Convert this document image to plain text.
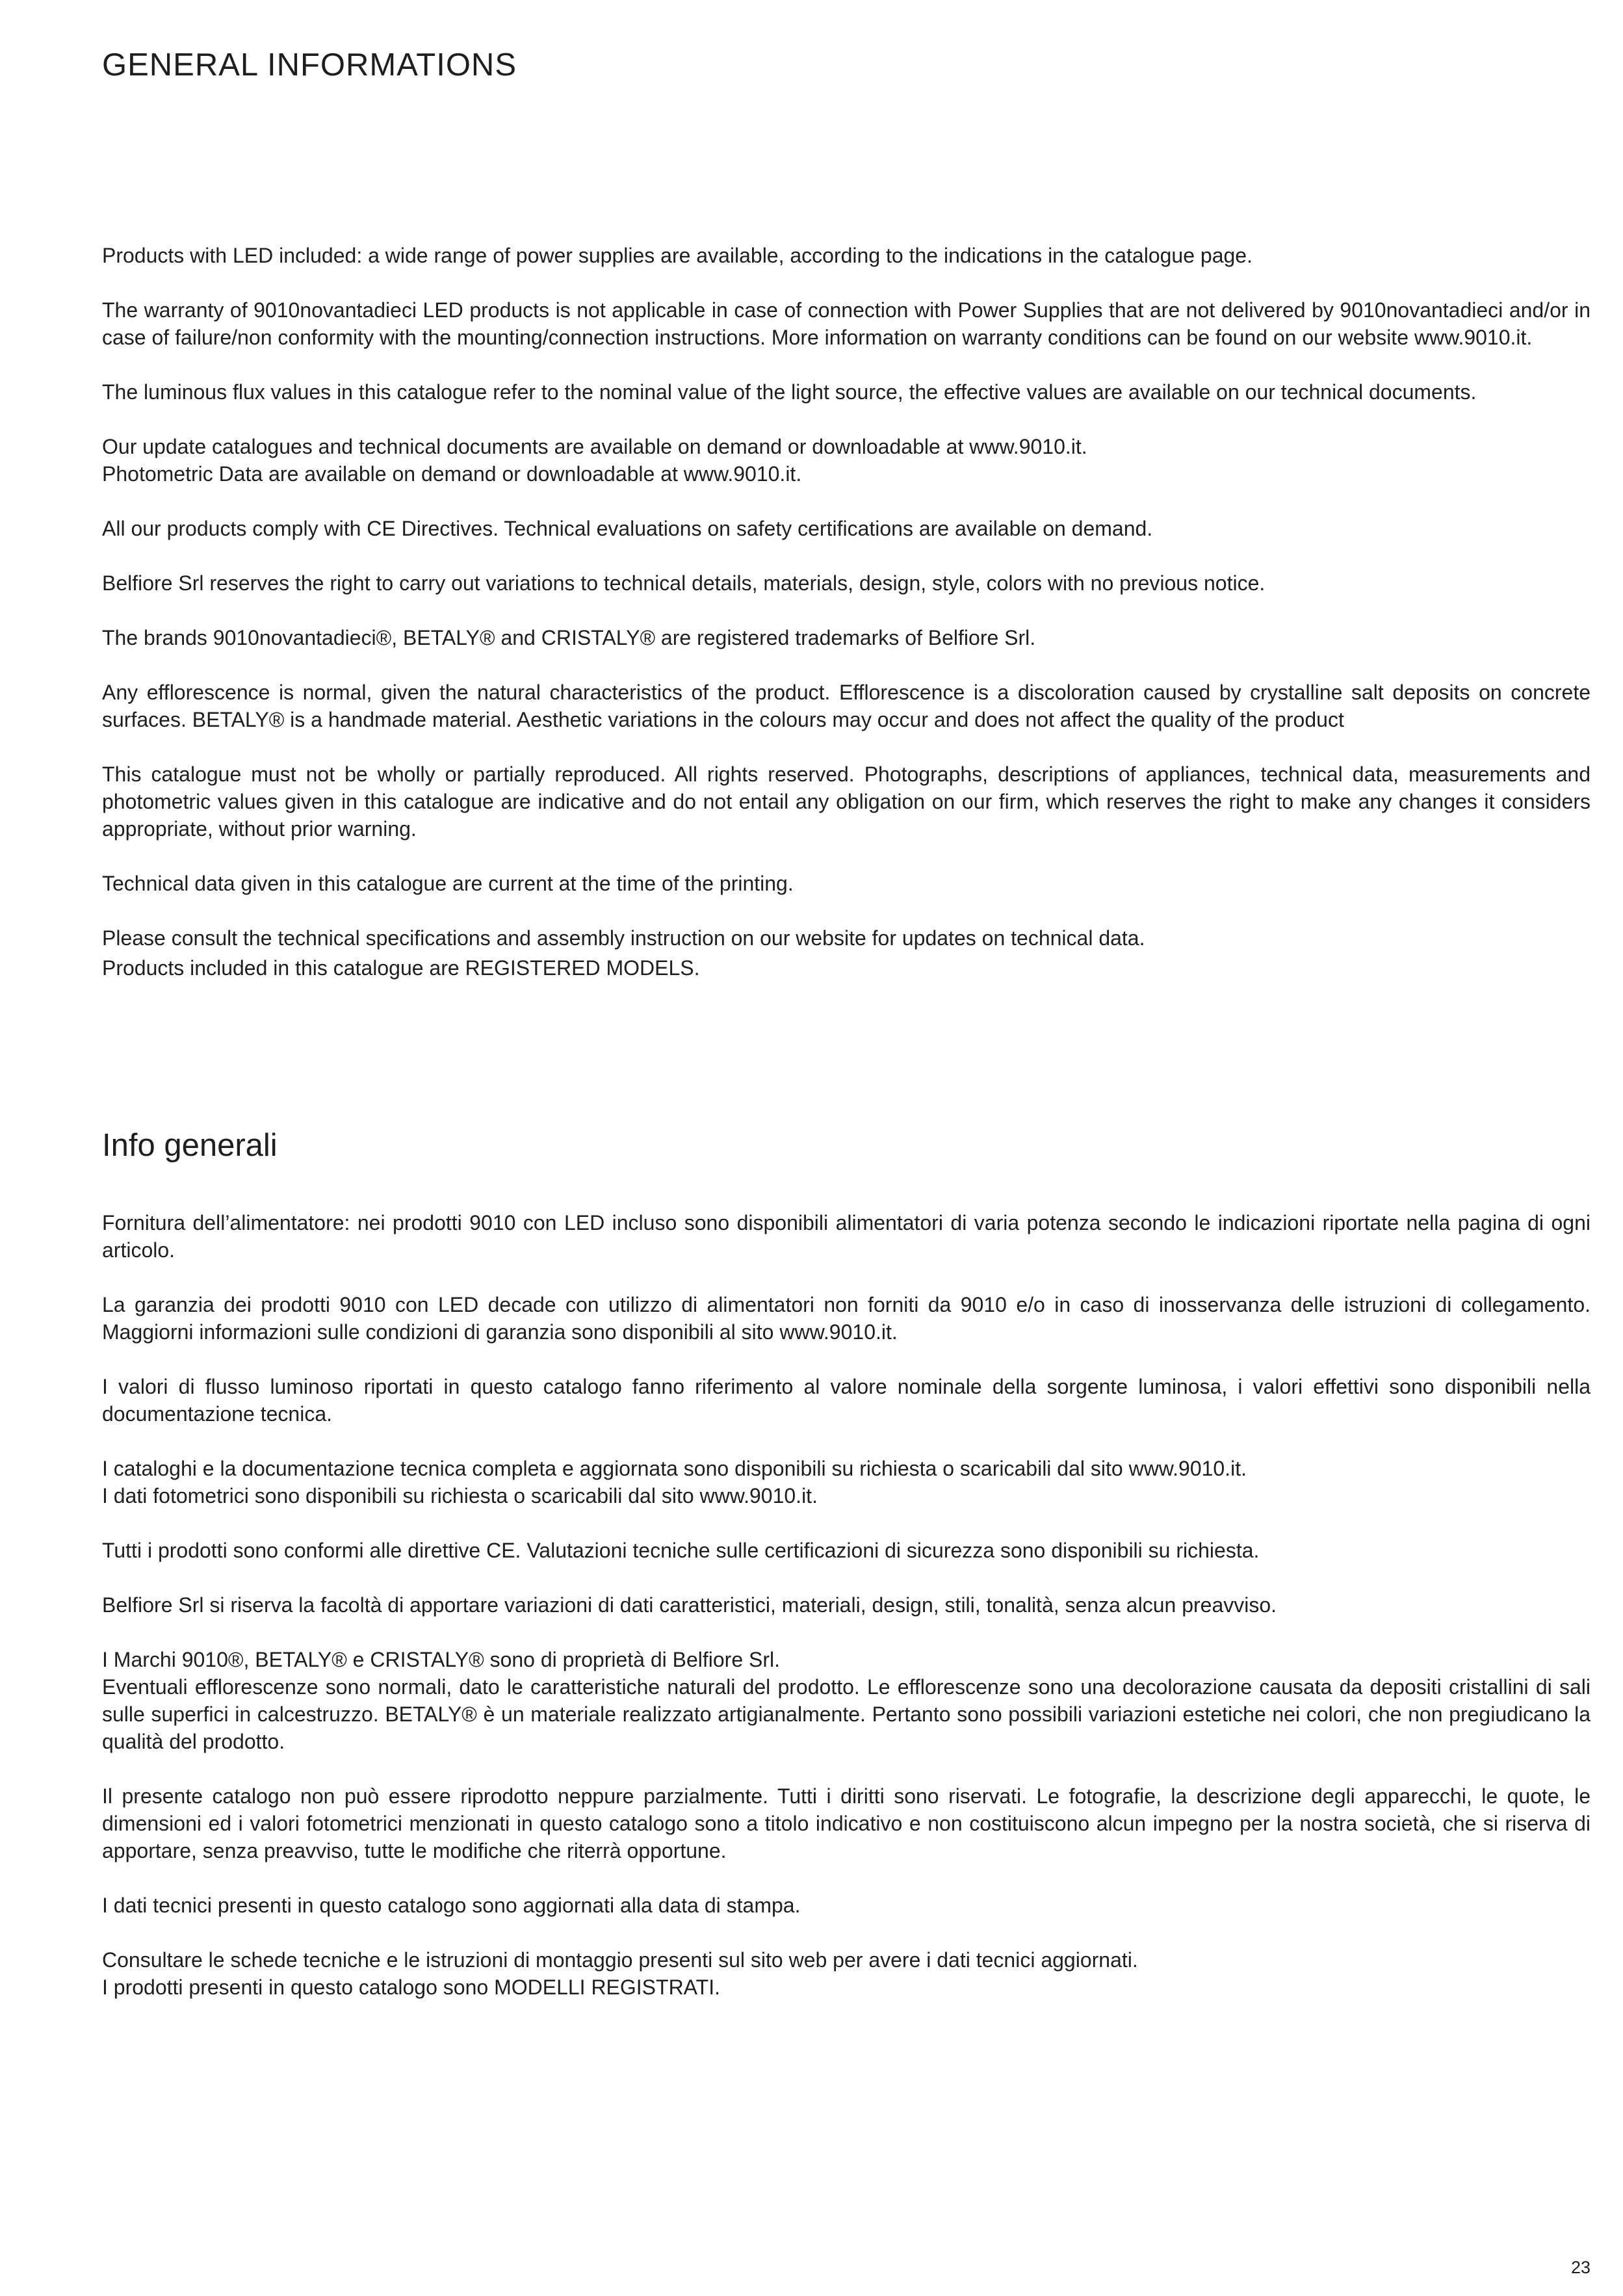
GENERAL INFORMATIONS

Products with LED included: a wide range of power supplies are available, according to the indications in the catalogue page.

The warranty of 9010novantadieci LED products is not applicable in case of connection with Power Supplies that are not delivered by 9010novantadieci and/or in case of failure/non conformity with the mounting/connection instructions. More information on warranty conditions can be found on our website www.9010.it.

The luminous flux values in this catalogue refer to the nominal value of the light source, the effective values are available on our technical documents.

Our update catalogues and technical documents are available on demand or downloadable at www.9010.it.
Photometric Data are available on demand or downloadable at www.9010.it.

All our products comply with CE Directives. Technical evaluations on safety certifications are available on demand.

Belfiore Srl reserves the right to carry out variations to technical details, materials, design, style, colors with no previous notice.

The brands 9010novantadieci®, BETALY® and CRISTALY® are registered trademarks of Belfiore Srl.

Any efflorescence is normal, given the natural characteristics of the product. Efflorescence is a discoloration caused by crystalline salt deposits on concrete surfaces. BETALY® is a handmade material. Aesthetic variations in the colours may occur and does not affect the quality of the product

This catalogue must not be wholly or partially reproduced. All rights reserved. Photographs, descriptions of appliances, technical data, measurements and photometric values given in this catalogue are indicative and do not entail any obligation on our firm, which reserves the right to make any changes it considers appropriate, without prior warning.

Technical data given in this catalogue are current at the time of the printing.

Please consult the technical specifications and assembly instruction on our website for updates on technical data.
Products included in this catalogue are REGISTERED MODELS.

Info generali

Fornitura dell’alimentatore: nei prodotti 9010 con LED incluso sono disponibili alimentatori di varia potenza secondo le indicazioni riportate nella pagina di ogni articolo.

La garanzia dei prodotti 9010 con LED decade con utilizzo di alimentatori non forniti da 9010 e/o in caso di inosservanza delle istruzioni di collegamento. Maggiorni informazioni sulle condizioni di garanzia sono disponibili al sito www.9010.it.

I valori di flusso luminoso riportati in questo catalogo fanno riferimento al valore nominale della sorgente luminosa, i valori effettivi sono disponibili nella documentazione tecnica.

I cataloghi e la documentazione tecnica completa e aggiornata sono disponibili su richiesta o scaricabili dal sito www.9010.it.
I dati fotometrici sono disponibili su richiesta o scaricabili dal sito www.9010.it.

Tutti i prodotti sono conformi alle direttive CE. Valutazioni tecniche sulle certificazioni di sicurezza sono disponibili su richiesta.

Belfiore Srl si riserva la facoltà di apportare variazioni di dati caratteristici, materiali, design, stili, tonalità, senza alcun preavviso.

I Marchi 9010®, BETALY® e CRISTALY® sono di proprietà di Belfiore Srl.
Eventuali efflorescenze sono normali, dato le caratteristiche naturali del prodotto. Le efflorescenze sono una decolorazione causata da depositi cristallini di sali sulle superfici in calcestruzzo. BETALY® è un materiale realizzato artigianalmente. Pertanto sono possibili variazioni estetiche nei colori, che non pregiudicano la qualità del prodotto.

Il presente catalogo non può essere riprodotto neppure parzialmente. Tutti i diritti sono riservati. Le fotografie, la descrizione degli apparecchi, le quote, le dimensioni ed i valori fotometrici menzionati in questo catalogo sono a titolo indicativo e non costituiscono alcun impegno per la nostra società, che si riserva di apportare, senza preavviso, tutte le modifiche che riterrà opportune.

I dati tecnici presenti in questo catalogo sono aggiornati alla data di stampa.

Consultare le schede tecniche e le istruzioni di montaggio presenti sul sito web per avere i dati tecnici aggiornati.
I prodotti presenti in questo catalogo sono MODELLI REGISTRATI.

23
